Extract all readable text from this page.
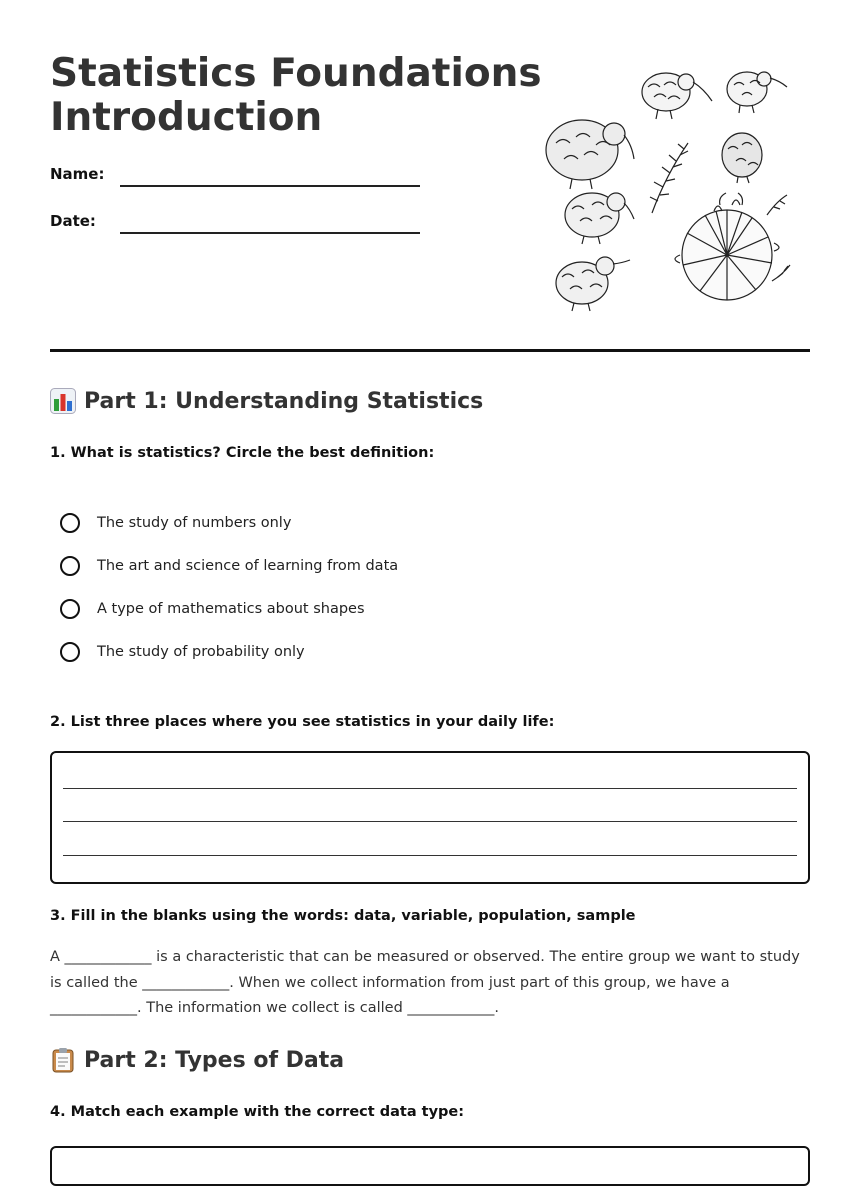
Statistics Foundations
Introduction
Name:
Date:
Part 1: Understanding Statistics

1. What is statistics? Circle the best definition:

The study of numbers only
The art and science of learning from data
A type of mathematics about shapes
The study of probability only

2. List three places where you see statistics in your daily life:

3. Fill in the blanks using the words: data, variable, population, sample

A ____________ is a characteristic that can be measured or observed. The entire group we want to study is called the ____________. When we collect information from just part of this group, we have a ____________. The information we collect is called ____________.

Part 2: Types of Data

4. Match each example with the correct data type:
